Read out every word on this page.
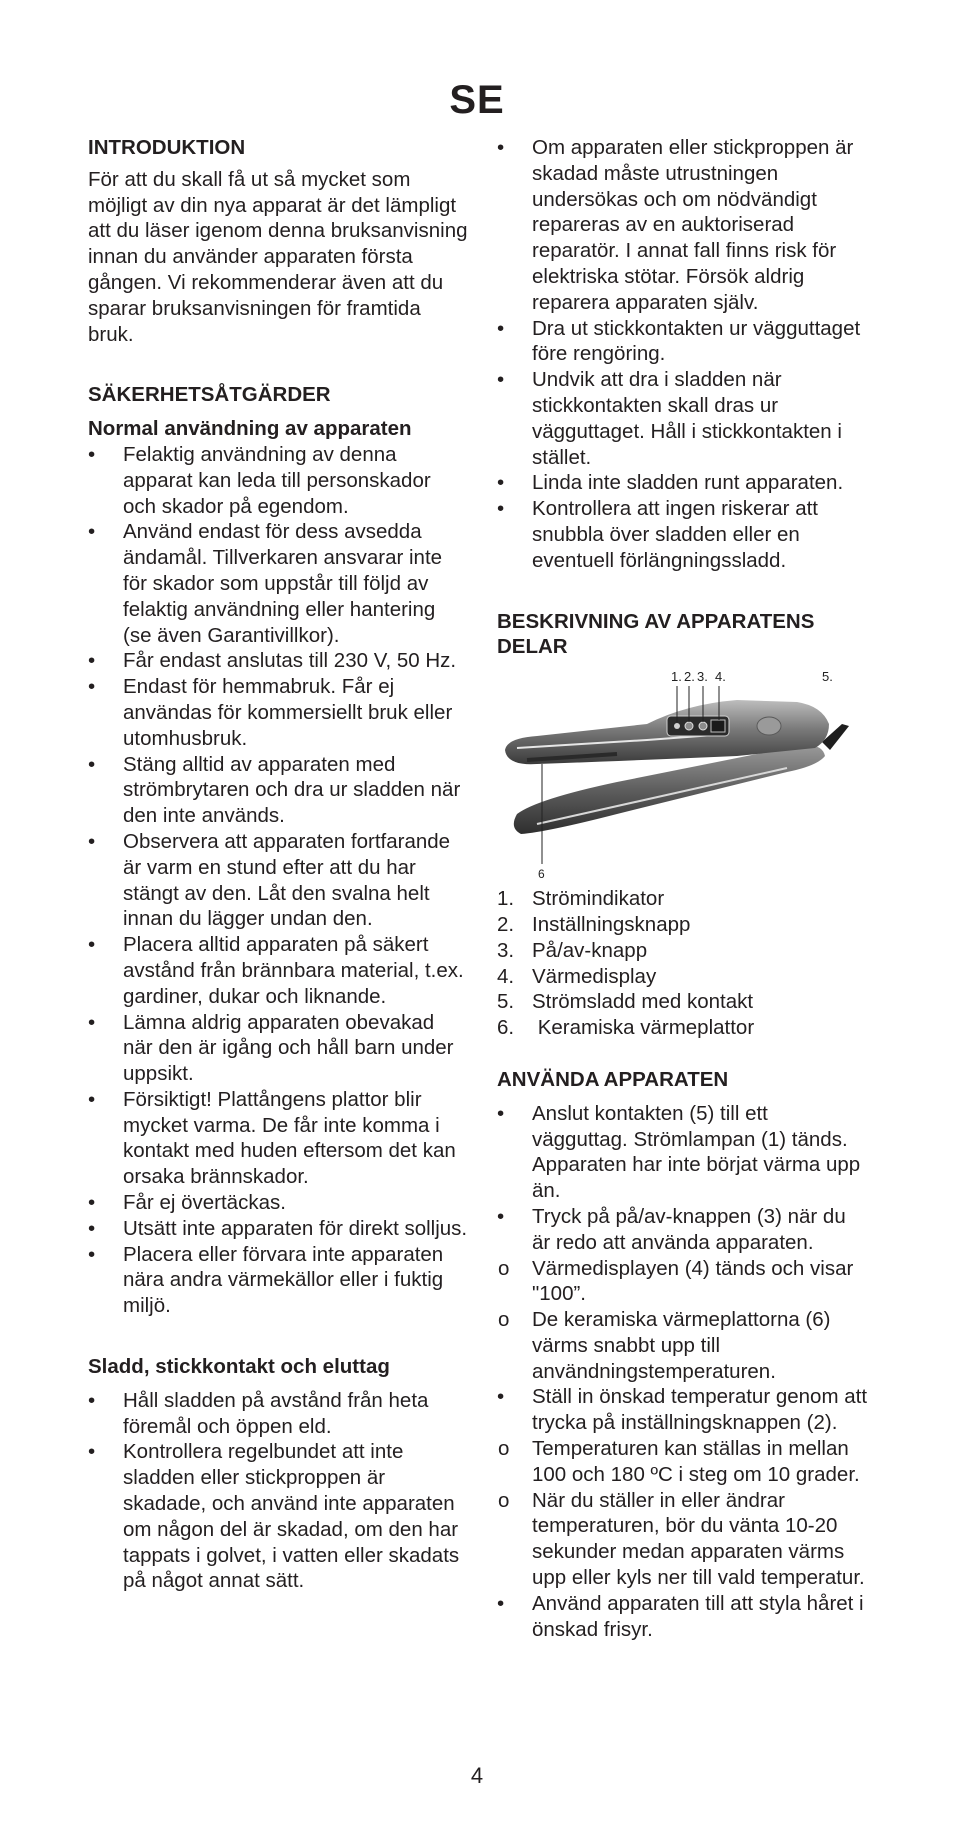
SE
INTRODUKTION

För att du skall få ut så mycket som möjligt av din nya apparat är det lämpligt att du läser igenom denna bruksanvisning innan du använder apparaten första gången. Vi rekommenderar även att du sparar bruksanvisningen för framtida bruk.

SÄKERHETSÅTGÄRDER
Normal användning av apparaten
• Felaktig användning av denna apparat kan leda till personskador och skador på egendom.
• Använd endast för dess avsedda ändamål. Tillverkaren ansvarar inte för skador som uppstår till följd av felaktig användning eller hantering (se även Garantivillkor).
• Får endast anslutas till 230 V, 50 Hz.
• Endast för hemmabruk. Får ej användas för kommersiellt bruk eller utomhusbruk.
• Stäng alltid av apparaten med strömbrytaren och dra ur sladden när den inte används.
• Observera att apparaten fortfarande är varm en stund efter att du har stängt av den. Låt den svalna helt innan du lägger undan den.
• Placera alltid apparaten på säkert avstånd från brännbara material, t.ex. gardiner, dukar och liknande.
• Lämna aldrig apparaten obevakad när den är igång och håll barn under uppsikt.
• Försiktigt! Plattångens plattor blir mycket varma. De får inte komma i kontakt med huden eftersom det kan orsaka brännskador.
• Får ej övertäckas.
• Utsätt inte apparaten för direkt solljus.
• Placera eller förvara inte apparaten nära andra värmekällor eller i fuktig miljö.
Sladd, stickkontakt och eluttag
• Håll sladden på avstånd från heta föremål och öppen eld.
• Kontrollera regelbundet att inte sladden eller stickproppen är skadade, och använd inte apparaten om någon del är skadad, om den har tappats i golvet, i vatten eller skadats på något annat sätt.
• Om apparaten eller stickproppen är skadad måste utrustningen undersökas och om nödvändigt repareras av en auktoriserad reparatör. I annat fall finns risk för elektriska stötar. Försök aldrig reparera apparaten själv.
• Dra ut stickkontakten ur vägguttaget före rengöring.
• Undvik att dra i sladden när stickkontakten skall dras ur vägguttaget. Håll i stickkontakten i stället.
• Linda inte sladden runt apparaten.
• Kontrollera att ingen riskerar att snubbla över sladden eller en eventuell förlängningssladd.
BESKRIVNING AV APPARATENS DELAR
1. 2. 3. 4.	5.
6
1. Strömindikator
2. Inställningsknapp
3. På/av-knapp
4. Värmedisplay
5. Strömsladd med kontakt
6. Keramiska värmeplattor
ANVÄNDA APPARATEN
• Anslut kontakten (5) till ett vägguttag. Strömlampan (1) tänds. Apparaten har inte börjat värma upp än.
• Tryck på på/av-knappen (3) när du är redo att använda apparaten.
o Värmedisplayen (4) tänds och visar "100”.
o De keramiska värmeplattorna (6) värms snabbt upp till användningstemperaturen.
• Ställ in önskad temperatur genom att trycka på inställningsknappen (2).
o Temperaturen kan ställas in mellan 100 och 180 ºC i steg om 10 grader.
o När du ställer in eller ändrar temperaturen, bör du vänta 10-20 sekunder medan apparaten värms upp eller kyls ner till vald temperatur.
• Använd apparaten till att styla håret i önskad frisyr.
4
